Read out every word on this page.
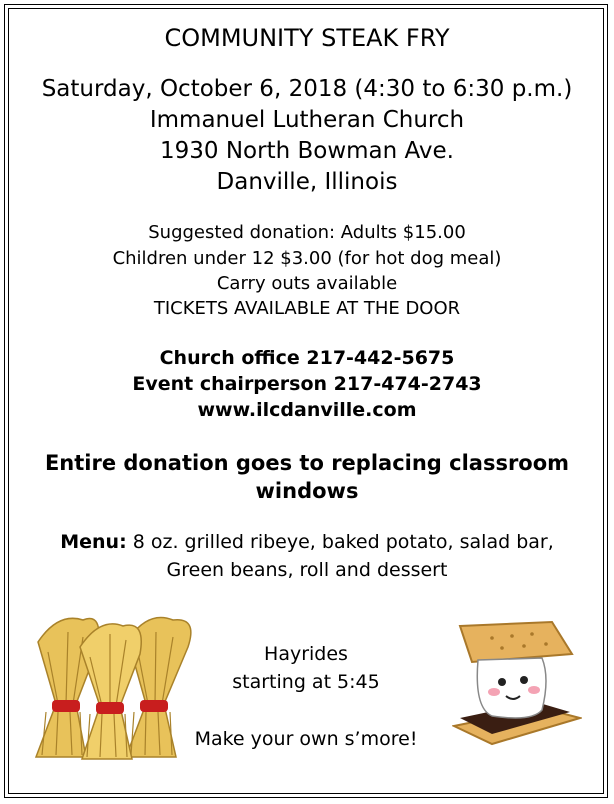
COMMUNITY STEAK FRY
Saturday, October 6, 2018 (4:30 to 6:30 p.m.)
Immanuel Lutheran Church
1930 North Bowman Ave.
Danville, Illinois
Suggested donation: Adults $15.00
Children under 12 $3.00 (for hot dog meal)
Carry outs available
TICKETS AVAILABLE AT THE DOOR
Church office 217-442-5675
Event chairperson 217-474-2743
www.ilcdanville.com
Entire donation goes to replacing classroom
windows
Menu: 8 oz. grilled ribeye, baked potato, salad bar,
Green beans, roll and dessert
Hayrides
starting at 5:45
Make your own s’more!
